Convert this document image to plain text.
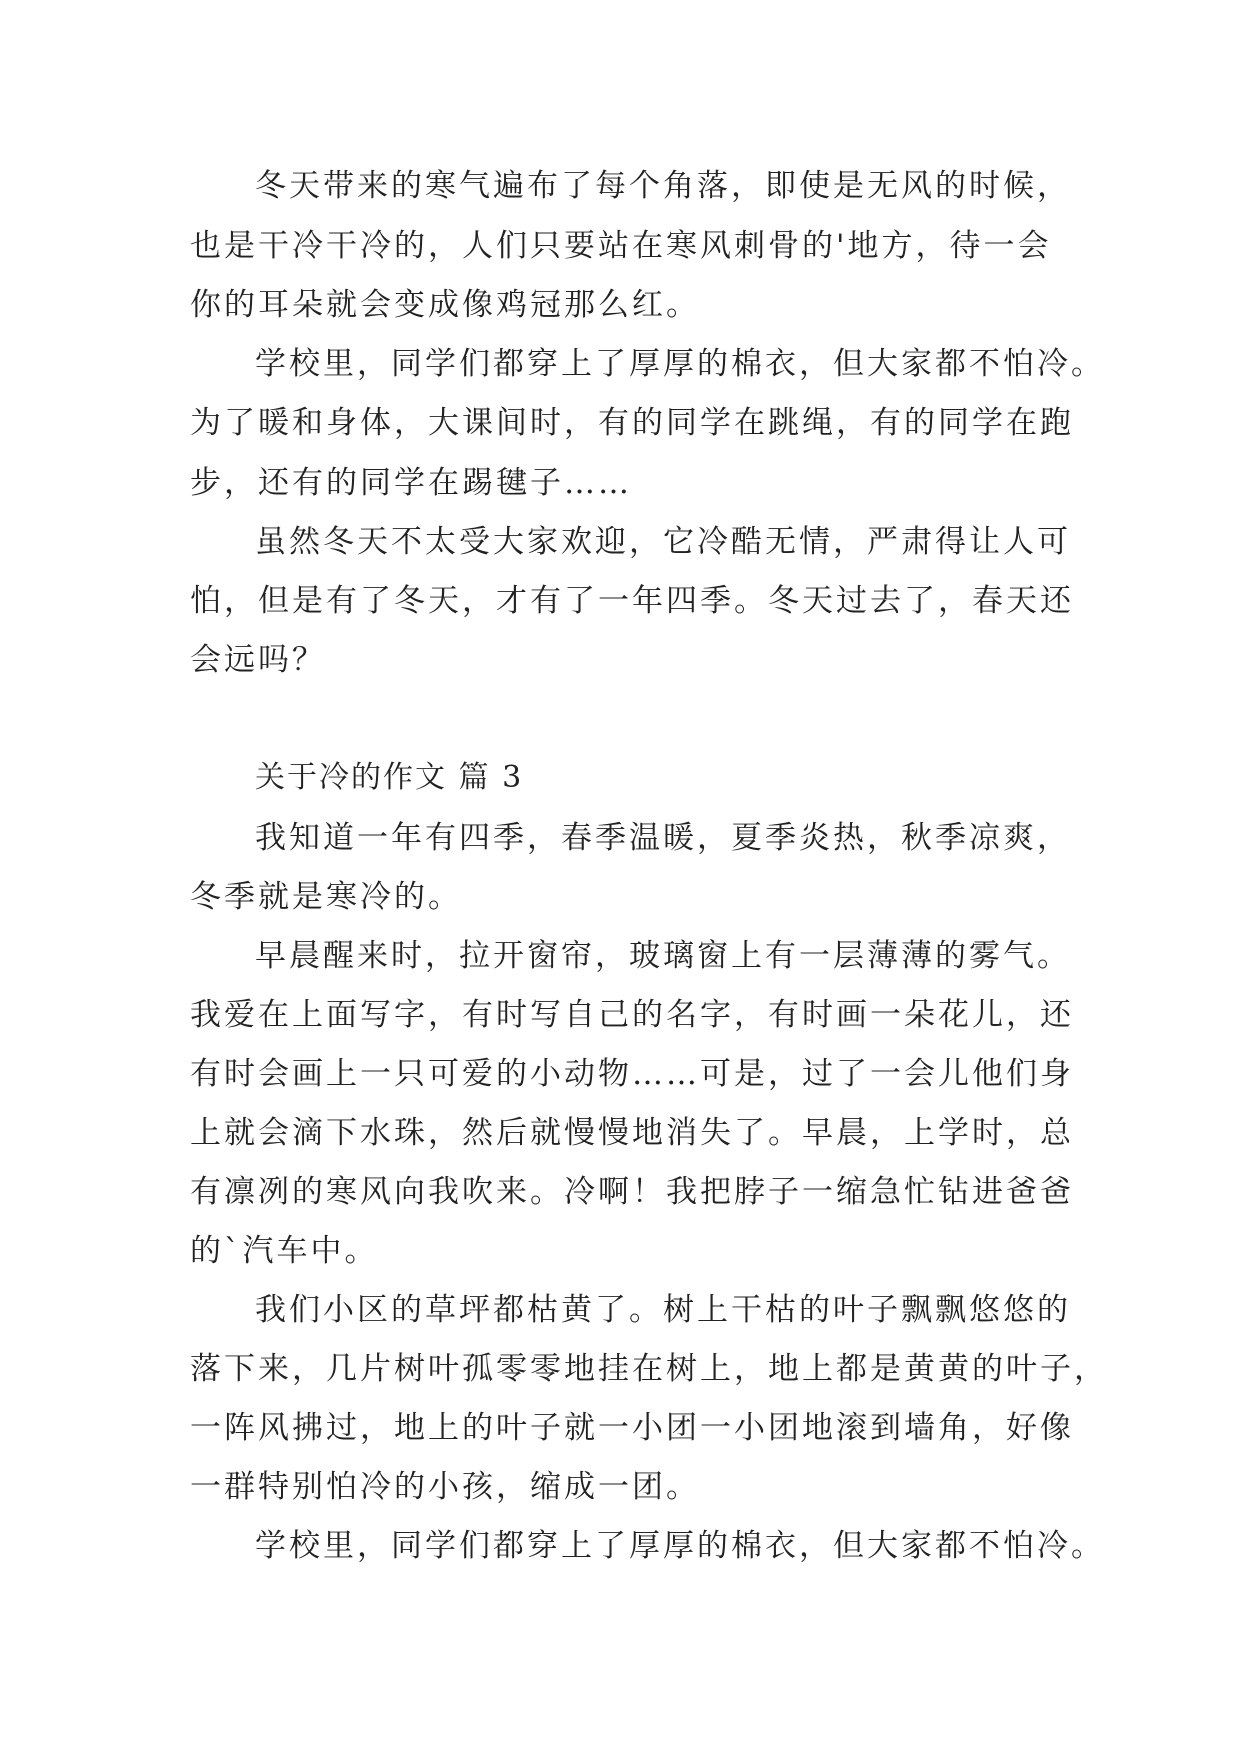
冬天带来的寒气遍布了每个角落，即使是无风的时候，
也是干冷干冷的，人们只要站在寒风刺骨的'地方，待一会
你的耳朵就会变成像鸡冠那么红。
学校里，同学们都穿上了厚厚的棉衣，但大家都不怕冷。
为了暖和身体，大课间时，有的同学在跳绳，有的同学在跑
步，还有的同学在踢毽子……
虽然冬天不太受大家欢迎，它冷酷无情，严肃得让人可
怕，但是有了冬天，才有了一年四季。冬天过去了，春天还
会远吗？
关于冷的作文 篇 3
我知道一年有四季，春季温暖，夏季炎热，秋季凉爽，
冬季就是寒冷的。
早晨醒来时，拉开窗帘，玻璃窗上有一层薄薄的雾气。
我爱在上面写字，有时写自己的名字，有时画一朵花儿，还
有时会画上一只可爱的小动物……可是，过了一会儿他们身
上就会滴下水珠，然后就慢慢地消失了。早晨，上学时，总
有凛冽的寒风向我吹来。冷啊！我把脖子一缩急忙钻进爸爸
的`汽车中。
我们小区的草坪都枯黄了。树上干枯的叶子飘飘悠悠的
落下来，几片树叶孤零零地挂在树上，地上都是黄黄的叶子，
一阵风拂过，地上的叶子就一小团一小团地滚到墙角，好像
一群特别怕冷的小孩，缩成一团。
学校里，同学们都穿上了厚厚的棉衣，但大家都不怕冷。
